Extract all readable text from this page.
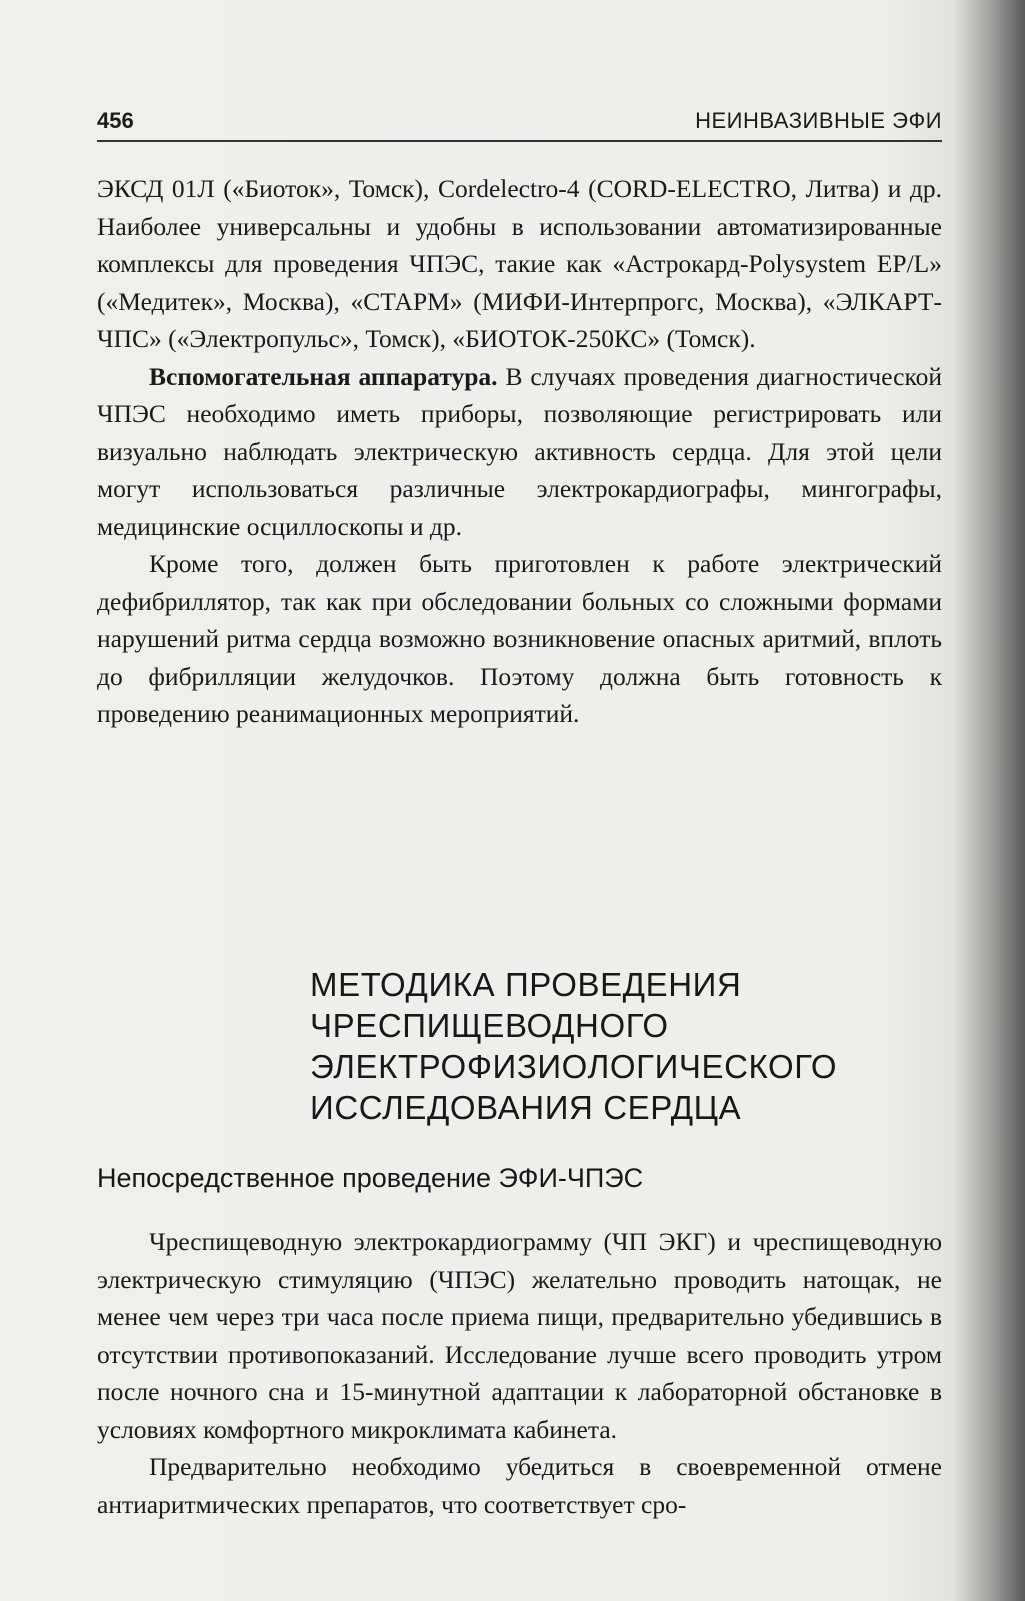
456	НЕИНВАЗИВНЫЕ ЭФИ

ЭКСД 01Л («Биоток», Томск), Cordelectro-4 (CORD-ELECTRO, Литва) и др. Наиболее универсальны и удобны в использовании автоматизированные комплексы для проведения ЧПЭС, такие как «Астрокард-Polysystem EP/L» («Медитек», Москва), «СТАРМ» (МИФИ-Интерпрогс, Москва), «ЭЛКАРТ-ЧПС» («Электропульс», Томск), «БИОТОК-250КС» (Томск).

Вспомогательная аппаратура. В случаях проведения диагностической ЧПЭС необходимо иметь приборы, позволяющие регистрировать или визуально наблюдать электрическую активность сердца. Для этой цели могут использоваться различные электрокардиографы, мингографы, медицинские осциллоскопы и др.

Кроме того, должен быть приготовлен к работе электрический дефибриллятор, так как при обследовании больных со сложными формами нарушений ритма сердца возможно возникновение опасных аритмий, вплоть до фибрилляции желудочков. Поэтому должна быть готовность к проведению реанимационных мероприятий.

МЕТОДИКА ПРОВЕДЕНИЯ
ЧРЕСПИЩЕВОДНОГО
ЭЛЕКТРОФИЗИОЛОГИЧЕСКОГО
ИССЛЕДОВАНИЯ СЕРДЦА
Непосредственное проведение ЭФИ-ЧПЭС

Чреспищеводную электрокардиограмму (ЧП ЭКГ) и чреспищеводную электрическую стимуляцию (ЧПЭС) желательно проводить натощак, не менее чем через три часа после приема пищи, предварительно убедившись в отсутствии противопоказаний. Исследование лучше всего проводить утром после ночного сна и 15-минутной адаптации к лабораторной обстановке в условиях комфортного микроклимата кабинета.

Предварительно необходимо убедиться в своевременной отмене антиаритмических препаратов, что соответствует сро-
